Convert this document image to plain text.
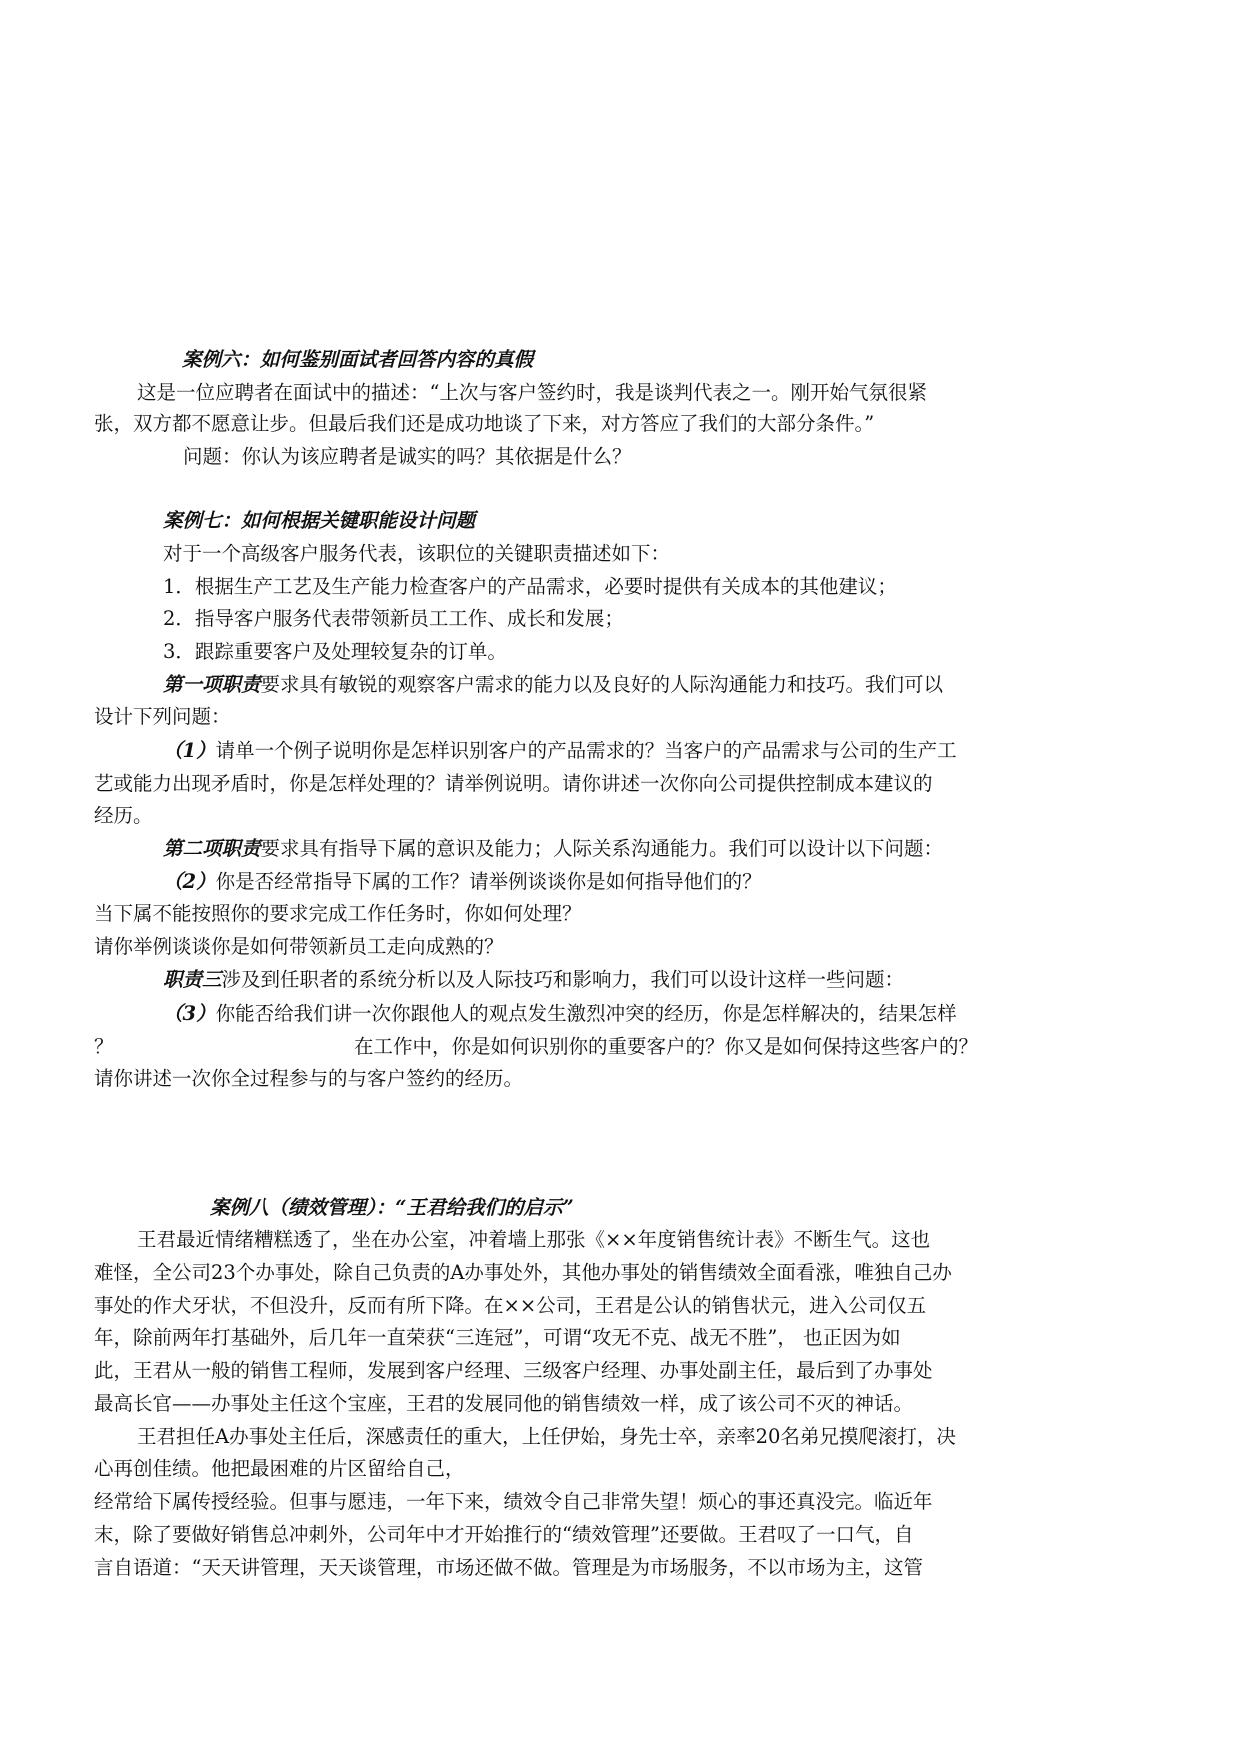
案例六：如何鉴别面试者回答内容的真假
这是一位应聘者在面试中的描述：“上次与客户签约时，我是谈判代表之一。刚开始气氛很紧
张，双方都不愿意让步。但最后我们还是成功地谈了下来，对方答应了我们的大部分条件。”
问题：你认为该应聘者是诚实的吗？其依据是什么？
案例七：如何根据关键职能设计问题
对于一个高级客户服务代表，该职位的关键职责描述如下：
1．根据生产工艺及生产能力检查客户的产品需求，必要时提供有关成本的其他建议；
2．指导客户服务代表带领新员工工作、成长和发展；
3．跟踪重要客户及处理较复杂的订单。
第一项职责要求具有敏锐的观察客户需求的能力以及良好的人际沟通能力和技巧。我们可以
设计下列问题：
（1）请单一个例子说明你是怎样识别客户的产品需求的？当客户的产品需求与公司的生产工
艺或能力出现矛盾时，你是怎样处理的？请举例说明。请你讲述一次你向公司提供控制成本建议的
经历。
第二项职责要求具有指导下属的意识及能力；人际关系沟通能力。我们可以设计以下问题：
（2）你是否经常指导下属的工作？请举例谈谈你是如何指导他们的？
当下属不能按照你的要求完成工作任务时，你如何处理？
请你举例谈谈你是如何带领新员工走向成熟的？
职责三涉及到任职者的系统分析以及人际技巧和影响力，我们可以设计这样一些问题：
（3）你能否给我们讲一次你跟他人的观点发生激烈冲突的经历，你是怎样解决的，结果怎样
？	在工作中，你是如何识别你的重要客户的？你又是如何保持这些客户的？
请你讲述一次你全过程参与的与客户签约的经历。
案例八（绩效管理）：“王君给我们的启示”
王君最近情绪糟糕透了，坐在办公室，冲着墙上那张《××年度销售统计表》不断生气。这也
难怪，全公司23个办事处，除自己负责的A办事处外，其他办事处的销售绩效全面看涨，唯独自己办
事处的作犬牙状，不但没升，反而有所下降。在××公司，王君是公认的销售状元，进入公司仅五
年，除前两年打基础外，后几年一直荣获“三连冠”，可谓“攻无不克、战无不胜”， 也正因为如
此，王君从一般的销售工程师，发展到客户经理、三级客户经理、办事处副主任，最后到了办事处
最高长官——办事处主任这个宝座，王君的发展同他的销售绩效一样，成了该公司不灭的神话。
王君担任A办事处主任后，深感责任的重大，上任伊始，身先士卒，亲率20名弟兄摸爬滚打，决
心再创佳绩。他把最困难的片区留给自己，
经常给下属传授经验。但事与愿违，一年下来，绩效令自己非常失望！烦心的事还真没完。临近年
末，除了要做好销售总冲刺外，公司年中才开始推行的“绩效管理”还要做。王君叹了一口气，自
言自语道：“天天讲管理，天天谈管理，市场还做不做。管理是为市场服务，不以市场为主，这管
